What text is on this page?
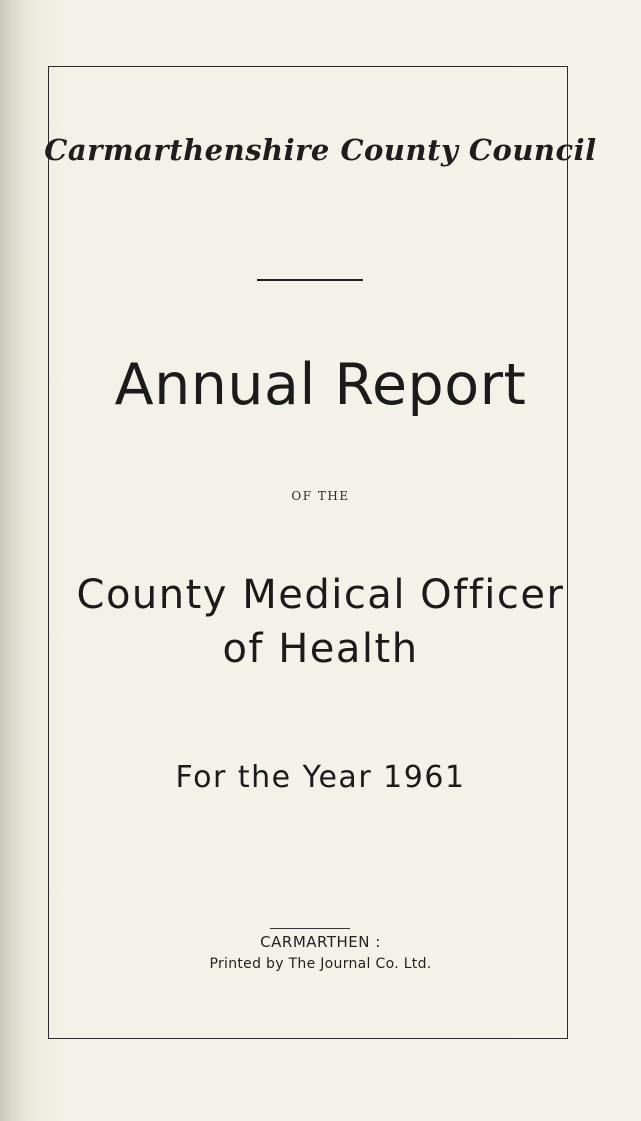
Carmarthenshire County Council
Annual Report
OF THE
County Medical Officer
of Health
For the Year 1961
CARMARTHEN :
Printed by The Journal Co. Ltd.
